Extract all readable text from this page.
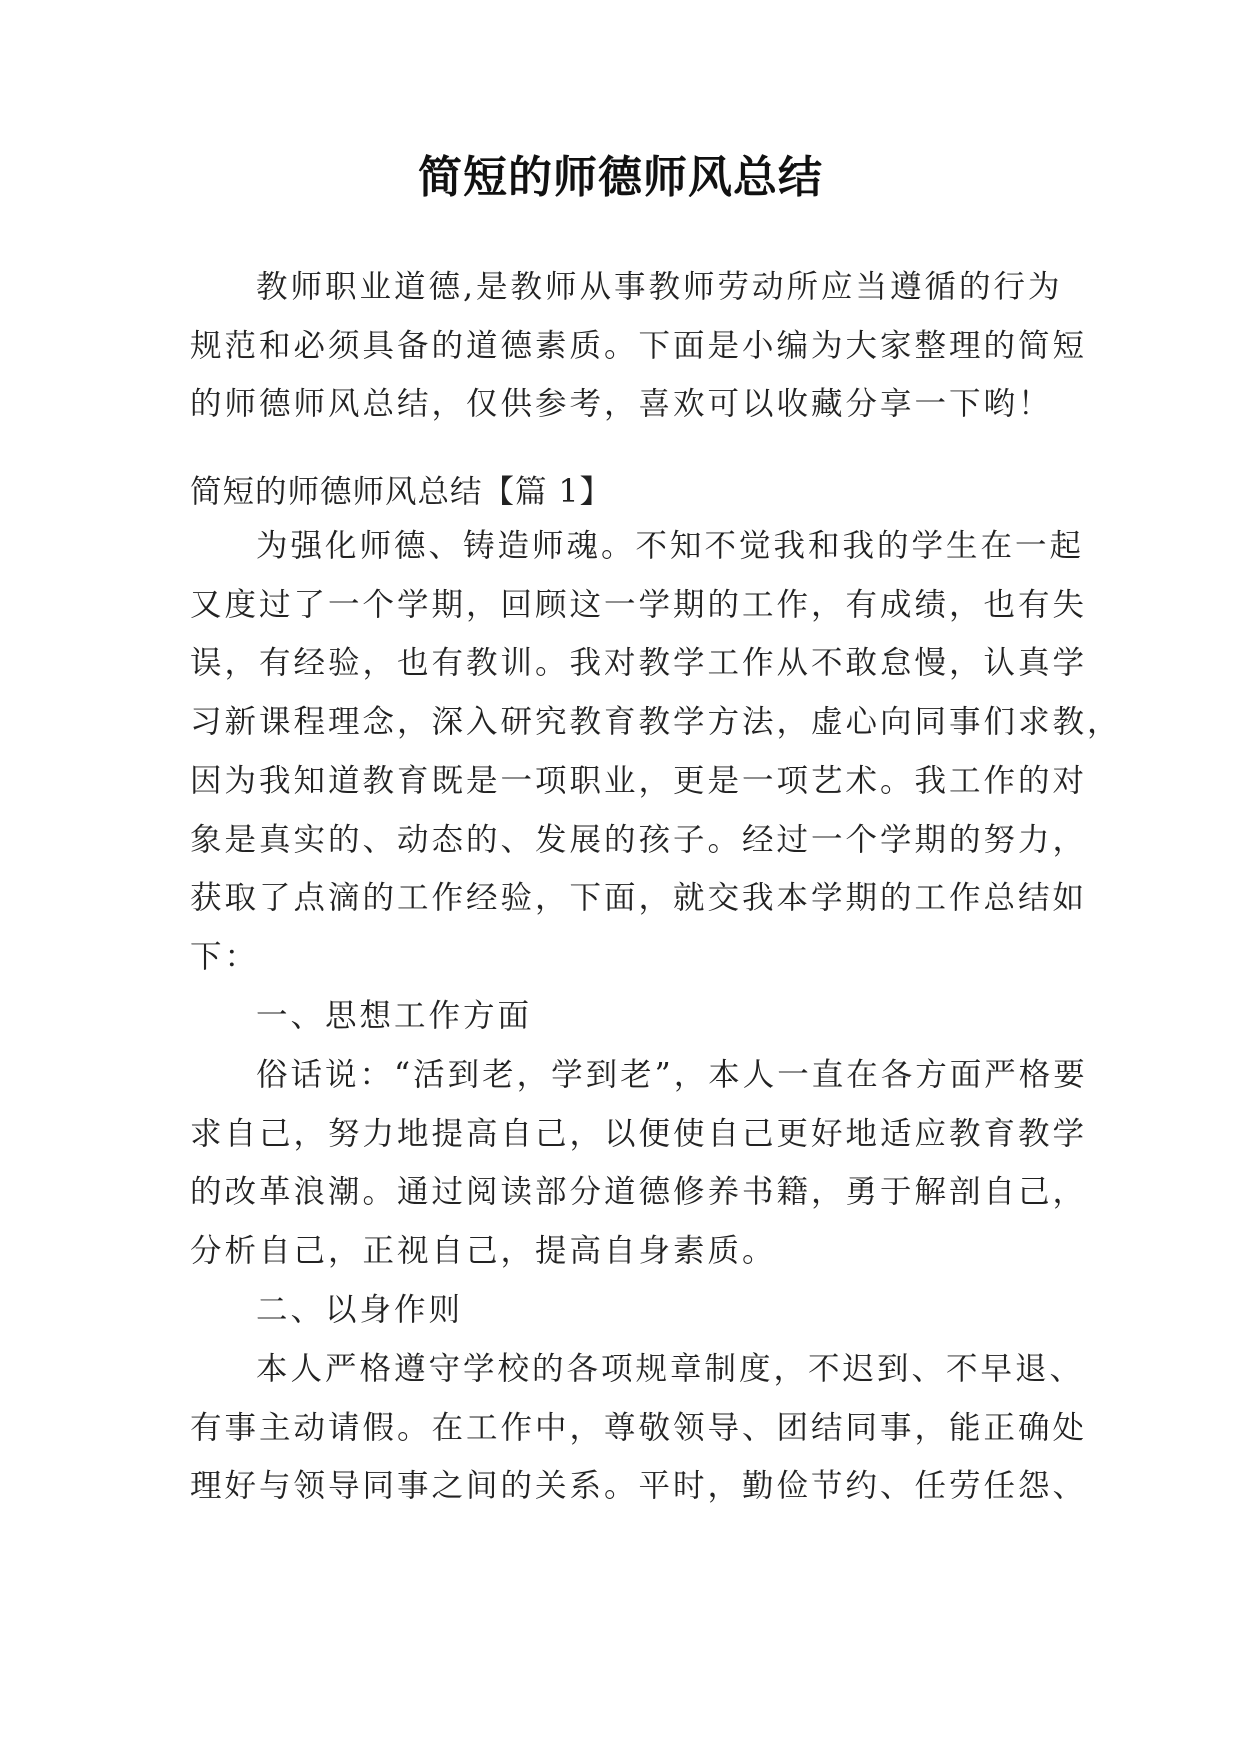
简短的师德师风总结
教师职业道德,是教师从事教师劳动所应当遵循的行为
规范和必须具备的道德素质。下面是小编为大家整理的简短
的师德师风总结，仅供参考，喜欢可以收藏分享一下哟！
简短的师德师风总结【篇 1】
为强化师德、铸造师魂。不知不觉我和我的学生在一起
又度过了一个学期，回顾这一学期的工作，有成绩，也有失
误，有经验，也有教训。我对教学工作从不敢怠慢，认真学
习新课程理念，深入研究教育教学方法，虚心向同事们求教，
因为我知道教育既是一项职业，更是一项艺术。我工作的对
象是真实的、动态的、发展的孩子。经过一个学期的努力，
获取了点滴的工作经验，下面，就交我本学期的工作总结如
下：
一、思想工作方面
俗话说：“活到老，学到老”，本人一直在各方面严格要
求自己，努力地提高自己，以便使自己更好地适应教育教学
的改革浪潮。通过阅读部分道德修养书籍，勇于解剖自己，
分析自己，正视自己，提高自身素质。
二、以身作则
本人严格遵守学校的各项规章制度，不迟到、不早退、
有事主动请假。在工作中，尊敬领导、团结同事，能正确处
理好与领导同事之间的关系。平时，勤俭节约、任劳任怨、
